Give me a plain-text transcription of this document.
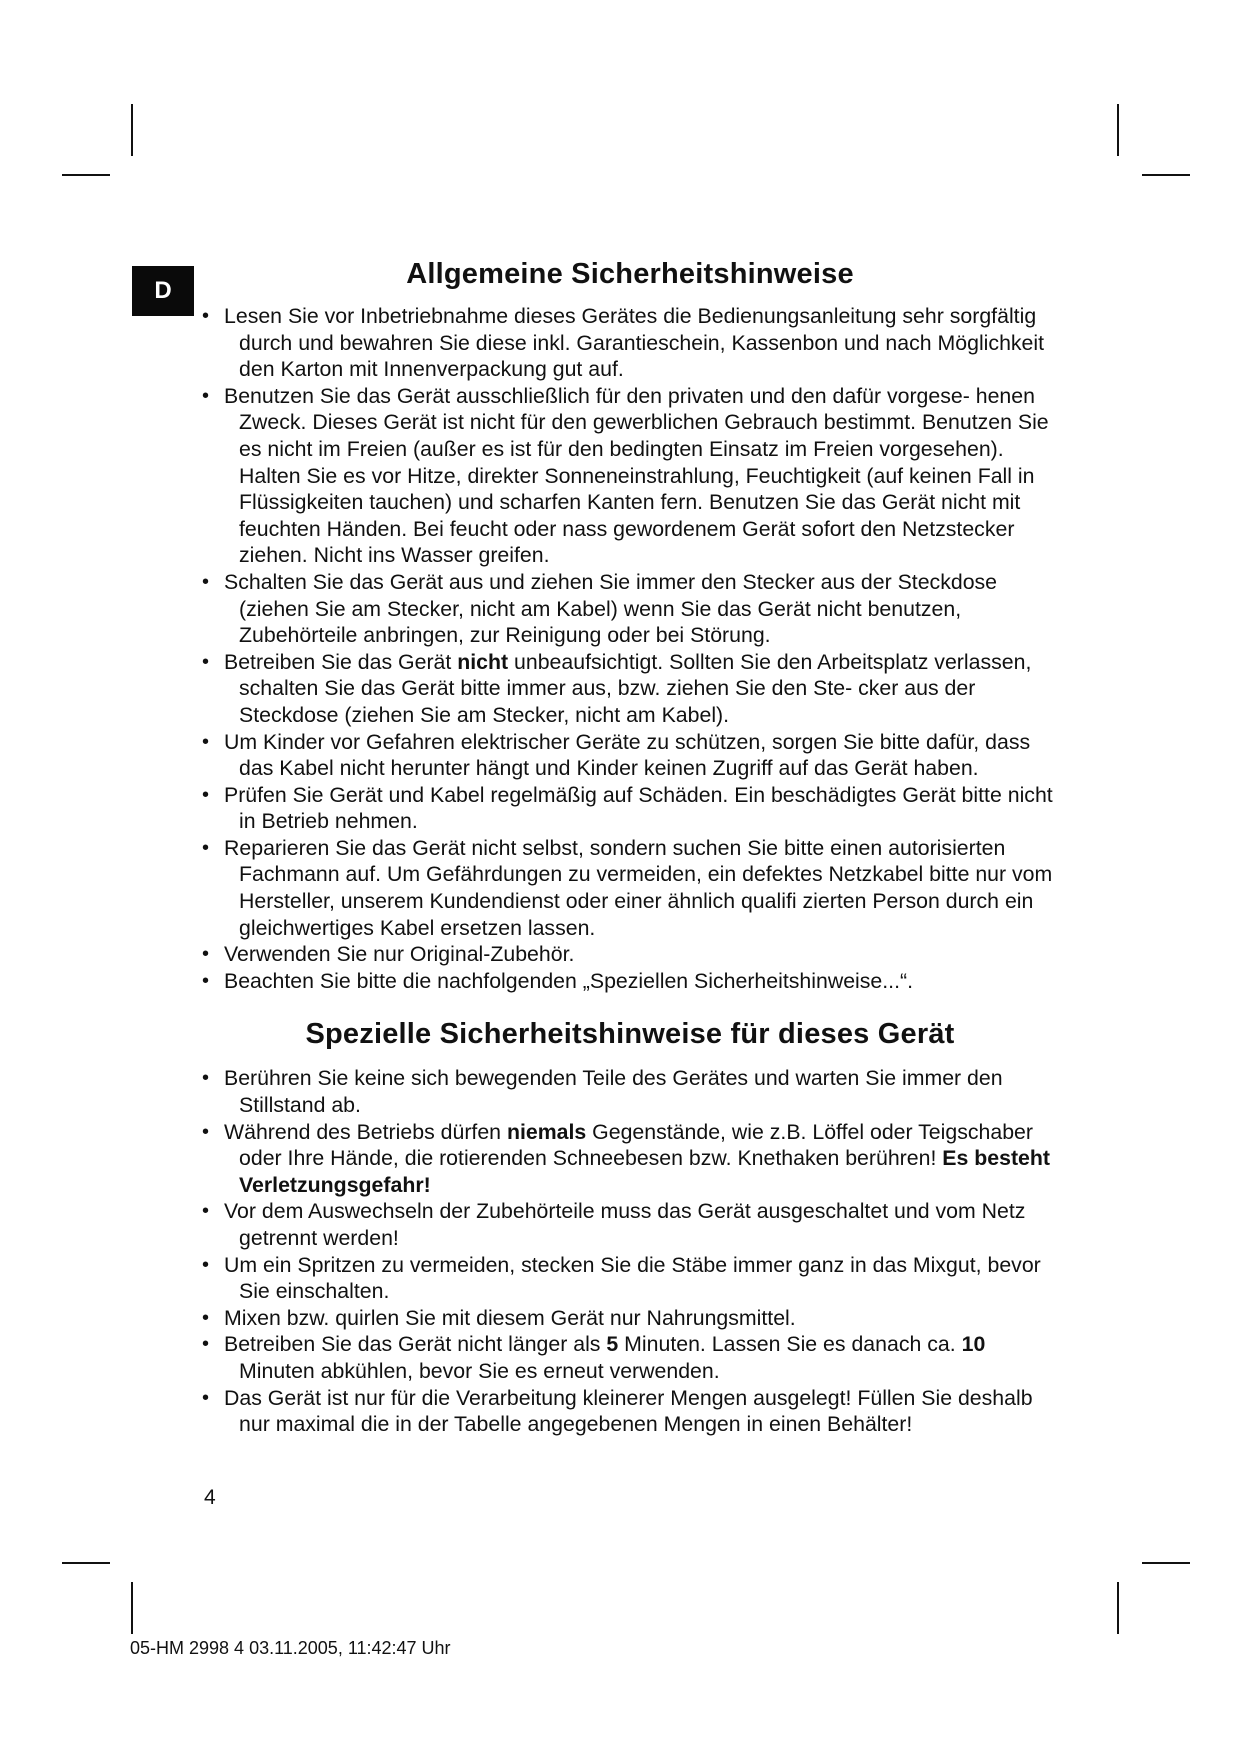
D
Allgemeine Sicherheitshinweise
• Lesen Sie vor Inbetriebnahme dieses Gerätes die Bedienungsanleitung sehr sorgfältig durch und bewahren Sie diese inkl. Garantieschein, Kassenbon und nach Möglichkeit den Karton mit Innenverpackung gut auf.
• Benutzen Sie das Gerät ausschließlich für den privaten und den dafür vorgese- henen Zweck. Dieses Gerät ist nicht für den gewerblichen Gebrauch bestimmt. Benutzen Sie es nicht im Freien (außer es ist für den bedingten Einsatz im Freien vorgesehen). Halten Sie es vor Hitze, direkter Sonneneinstrahlung, Feuchtigkeit (auf keinen Fall in Flüssigkeiten tauchen) und scharfen Kanten fern. Benutzen Sie das Gerät nicht mit feuchten Händen. Bei feucht oder nass gewordenem Gerät sofort den Netzstecker ziehen. Nicht ins Wasser greifen.
• Schalten Sie das Gerät aus und ziehen Sie immer den Stecker aus der Steckdose (ziehen Sie am Stecker, nicht am Kabel) wenn Sie das Gerät nicht benutzen, Zubehörteile anbringen, zur Reinigung oder bei Störung.
• Betreiben Sie das Gerät nicht unbeaufsichtigt. Sollten Sie den Arbeitsplatz verlassen, schalten Sie das Gerät bitte immer aus, bzw. ziehen Sie den Ste- cker aus der Steckdose (ziehen Sie am Stecker, nicht am Kabel).
• Um Kinder vor Gefahren elektrischer Geräte zu schützen, sorgen Sie bitte dafür, dass das Kabel nicht herunter hängt und Kinder keinen Zugriff auf das Gerät haben.
• Prüfen Sie Gerät und Kabel regelmäßig auf Schäden. Ein beschädigtes Gerät bitte nicht in Betrieb nehmen.
• Reparieren Sie das Gerät nicht selbst, sondern suchen Sie bitte einen autorisierten Fachmann auf. Um Gefährdungen zu vermeiden, ein defektes Netzkabel bitte nur vom Hersteller, unserem Kundendienst oder einer ähnlich qualifi zierten Person durch ein gleichwertiges Kabel ersetzen lassen.
• Verwenden Sie nur Original-Zubehör.
• Beachten Sie bitte die nachfolgenden „Speziellen Sicherheitshinweise...“.
Spezielle Sicherheitshinweise für dieses Gerät
• Berühren Sie keine sich bewegenden Teile des Gerätes und warten Sie immer den Stillstand ab.
• Während des Betriebs dürfen niemals Gegenstände, wie z.B. Löffel oder Teigschaber oder Ihre Hände, die rotierenden Schneebesen bzw. Knethaken berühren! Es besteht Verletzungsgefahr!
• Vor dem Auswechseln der Zubehörteile muss das Gerät ausgeschaltet und vom Netz getrennt werden!
• Um ein Spritzen zu vermeiden, stecken Sie die Stäbe immer ganz in das Mixgut, bevor Sie einschalten.
• Mixen bzw. quirlen Sie mit diesem Gerät nur Nahrungsmittel.
• Betreiben Sie das Gerät nicht länger als 5 Minuten. Lassen Sie es danach ca. 10 Minuten abkühlen, bevor Sie es erneut verwenden.
• Das Gerät ist nur für die Verarbeitung kleinerer Mengen ausgelegt! Füllen Sie deshalb nur maximal die in der Tabelle angegebenen Mengen in einen Behälter!
4
05-HM 2998 4 03.11.2005, 11:42:47 Uhr
